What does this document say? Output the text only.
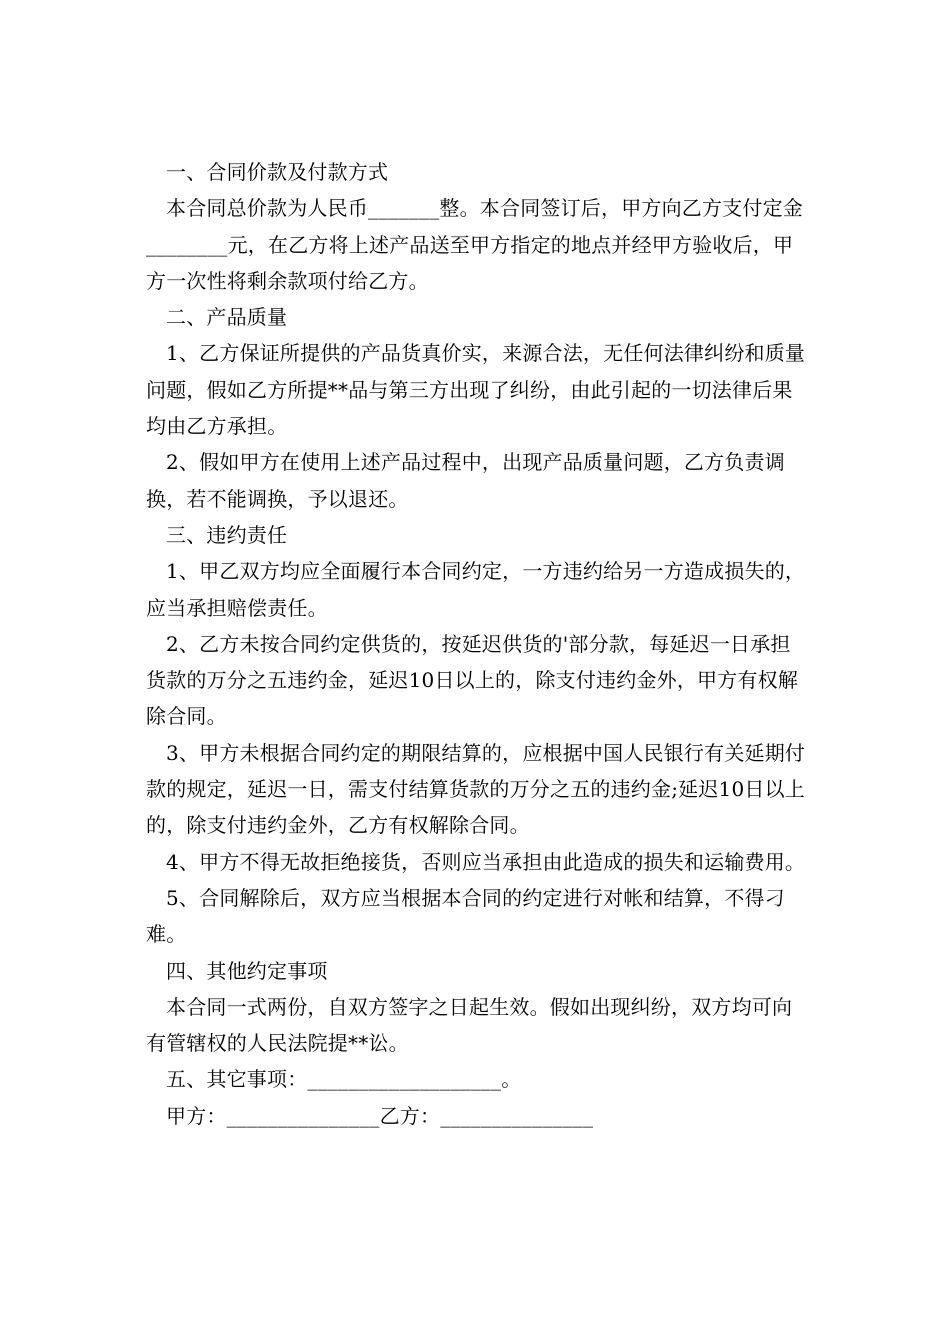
一、合同价款及付款方式

本合同总价款为人民币_______整。本合同签订后，甲方向乙方支付定金________元，在乙方将上述产品送至甲方指定的地点并经甲方验收后，甲方一次性将剩余款项付给乙方。

二、产品质量

1、乙方保证所提供的产品货真价实，来源合法，无任何法律纠纷和质量问题，假如乙方所提**品与第三方出现了纠纷，由此引起的一切法律后果均由乙方承担。

2、假如甲方在使用上述产品过程中，出现产品质量问题，乙方负责调换，若不能调换，予以退还。

三、违约责任

1、甲乙双方均应全面履行本合同约定，一方违约给另一方造成损失的，应当承担赔偿责任。

2、乙方未按合同约定供货的，按延迟供货的'部分款，每延迟一日承担货款的万分之五违约金，延迟10日以上的，除支付违约金外，甲方有权解除合同。

3、甲方未根据合同约定的期限结算的，应根据中国人民银行有关延期付款的规定，延迟一日，需支付结算货款的万分之五的违约金;延迟10日以上的，除支付违约金外，乙方有权解除合同。

4、甲方不得无故拒绝接货，否则应当承担由此造成的损失和运输费用。

5、合同解除后，双方应当根据本合同的约定进行对帐和结算，不得刁难。

四、其他约定事项

本合同一式两份，自双方签字之日起生效。假如出现纠纷，双方均可向有管辖权的人民法院提**讼。

五、其它事项：___________________。

甲方：_______________乙方：_______________
